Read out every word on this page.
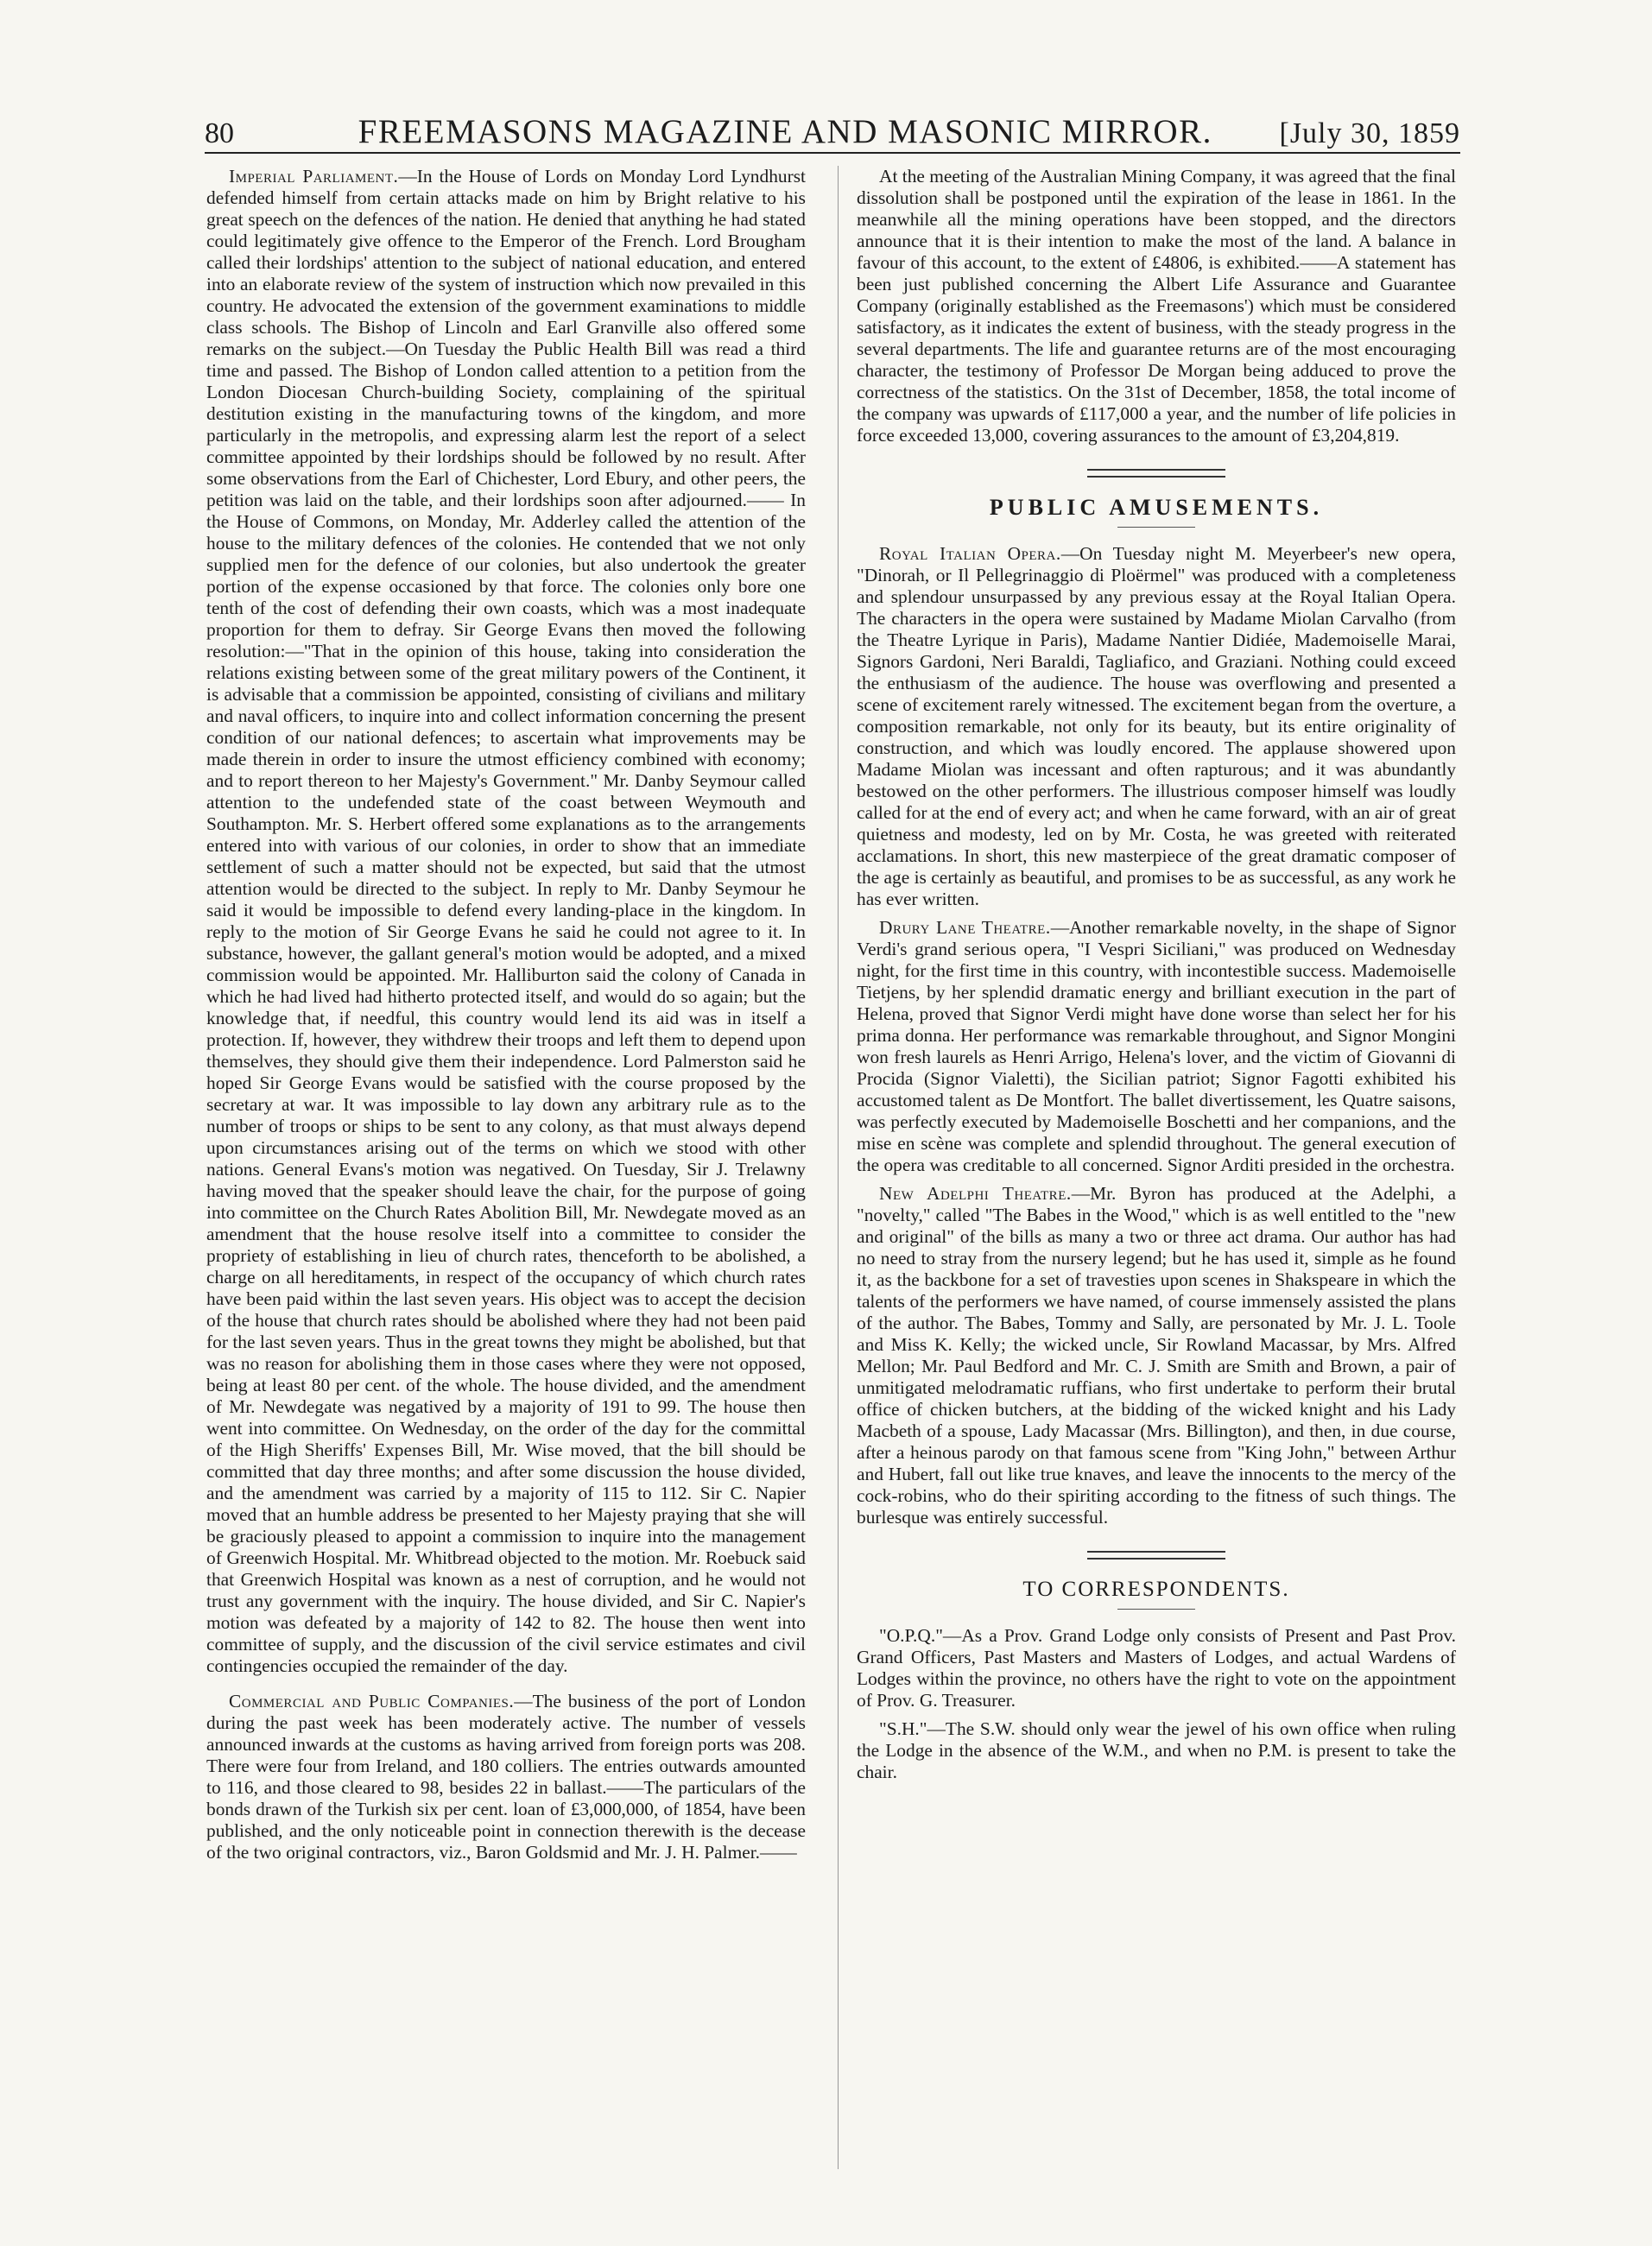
80	FREEMASONS MAGAZINE AND MASONIC MIRROR.	[July 30, 1859

Imperial Parliament.—In the House of Lords on Monday Lord Lyndhurst defended himself from certain attacks made on him by Bright relative to his great speech on the defences of the nation. He denied that anything he had stated could legitimately give offence to the Emperor of the French. Lord Brougham called their lordships' attention to the subject of national education, and entered into an elaborate review of the system of instruction which now prevailed in this country. He advocated the extension of the government examinations to middle class schools. The Bishop of Lincoln and Earl Granville also offered some remarks on the subject.—On Tuesday the Public Health Bill was read a third time and passed. The Bishop of London called attention to a petition from the London Diocesan Church-building Society, complaining of the spiritual destitution existing in the manufacturing towns of the kingdom, and more particularly in the metropolis, and expressing alarm lest the report of a select committee appointed by their lordships should be followed by no result. After some observations from the Earl of Chichester, Lord Ebury, and other peers, the petition was laid on the table, and their lordships soon after adjourned.—— In the House of Commons, on Monday, Mr. Adderley called the attention of the house to the military defences of the colonies. He contended that we not only supplied men for the defence of our colonies, but also undertook the greater portion of the expense occasioned by that force. The colonies only bore one tenth of the cost of defending their own coasts, which was a most inadequate proportion for them to defray. Sir George Evans then moved the following resolution:—"That in the opinion of this house, taking into consideration the relations existing between some of the great military powers of the Continent, it is advisable that a commission be appointed, consisting of civilians and military and naval officers, to inquire into and collect information concerning the present condition of our national defences; to ascertain what improvements may be made therein in order to insure the utmost efficiency combined with economy; and to report thereon to her Majesty's Government." Mr. Danby Seymour called attention to the undefended state of the coast between Weymouth and Southampton. Mr. S. Herbert offered some explanations as to the arrangements entered into with various of our colonies, in order to show that an immediate settlement of such a matter should not be expected, but said that the utmost attention would be directed to the subject. In reply to Mr. Danby Seymour he said it would be impossible to defend every landing-place in the kingdom. In reply to the motion of Sir George Evans he said he could not agree to it. In substance, however, the gallant general's motion would be adopted, and a mixed commission would be appointed. Mr. Halliburton said the colony of Canada in which he had lived had hitherto protected itself, and would do so again; but the knowledge that, if needful, this country would lend its aid was in itself a protection. If, however, they withdrew their troops and left them to depend upon themselves, they should give them their independence. Lord Palmerston said he hoped Sir George Evans would be satisfied with the course proposed by the secretary at war. It was impossible to lay down any arbitrary rule as to the number of troops or ships to be sent to any colony, as that must always depend upon circumstances arising out of the terms on which we stood with other nations. General Evans's motion was negatived. On Tuesday, Sir J. Trelawny having moved that the speaker should leave the chair, for the purpose of going into committee on the Church Rates Abolition Bill, Mr. Newdegate moved as an amendment that the house resolve itself into a committee to consider the propriety of establishing in lieu of church rates, thenceforth to be abolished, a charge on all hereditaments, in respect of the occupancy of which church rates have been paid within the last seven years. His object was to accept the decision of the house that church rates should be abolished where they had not been paid for the last seven years. Thus in the great towns they might be abolished, but that was no reason for abolishing them in those cases where they were not opposed, being at least 80 per cent. of the whole. The house divided, and the amendment of Mr. Newdegate was negatived by a majority of 191 to 99. The house then went into committee. On Wednesday, on the order of the day for the committal of the High Sheriffs' Expenses Bill, Mr. Wise moved, that the bill should be committed that day three months; and after some discussion the house divided, and the amendment was carried by a majority of 115 to 112. Sir C. Napier moved that an humble address be presented to her Majesty praying that she will be graciously pleased to appoint a commission to inquire into the management of Greenwich Hospital. Mr. Whitbread objected to the motion. Mr. Roebuck said that Greenwich Hospital was known as a nest of corruption, and he would not trust any government with the inquiry. The house divided, and Sir C. Napier's motion was defeated by a majority of 142 to 82. The house then went into committee of supply, and the discussion of the civil service estimates and civil contingencies occupied the remainder of the day.

Commercial and Public Companies.—The business of the port of London during the past week has been moderately active. The number of vessels announced inwards at the customs as having arrived from foreign ports was 208. There were four from Ireland, and 180 colliers. The entries outwards amounted to 116, and those cleared to 98, besides 22 in ballast.——The particulars of the bonds drawn of the Turkish six per cent. loan of £3,000,000, of 1854, have been published, and the only noticeable point in connection therewith is the decease of the two original contractors, viz., Baron Goldsmid and Mr. J. H. Palmer.——

At the meeting of the Australian Mining Company, it was agreed that the final dissolution shall be postponed until the expiration of the lease in 1861. In the meanwhile all the mining operations have been stopped, and the directors announce that it is their intention to make the most of the land. A balance in favour of this account, to the extent of £4806, is exhibited.——A statement has been just published concerning the Albert Life Assurance and Guarantee Company (originally established as the Freemasons') which must be considered satisfactory, as it indicates the extent of business, with the steady progress in the several departments. The life and guarantee returns are of the most encouraging character, the testimony of Professor De Morgan being adduced to prove the correctness of the statistics. On the 31st of December, 1858, the total income of the company was upwards of £117,000 a year, and the number of life policies in force exceeded 13,000, covering assurances to the amount of £3,204,819.

PUBLIC AMUSEMENTS.

Royal Italian Opera.—On Tuesday night M. Meyerbeer's new opera, "Dinorah, or Il Pellegrinaggio di Ploërmel" was produced with a completeness and splendour unsurpassed by any previous essay at the Royal Italian Opera. The characters in the opera were sustained by Madame Miolan Carvalho (from the Theatre Lyrique in Paris), Madame Nantier Didiée, Mademoiselle Marai, Signors Gardoni, Neri Baraldi, Tagliafico, and Graziani. Nothing could exceed the enthusiasm of the audience. The house was overflowing and presented a scene of excitement rarely witnessed. The excitement began from the overture, a composition remarkable, not only for its beauty, but its entire originality of construction, and which was loudly encored. The applause showered upon Madame Miolan was incessant and often rapturous; and it was abundantly bestowed on the other performers. The illustrious composer himself was loudly called for at the end of every act; and when he came forward, with an air of great quietness and modesty, led on by Mr. Costa, he was greeted with reiterated acclamations. In short, this new masterpiece of the great dramatic composer of the age is certainly as beautiful, and promises to be as successful, as any work he has ever written.

Drury Lane Theatre.—Another remarkable novelty, in the shape of Signor Verdi's grand serious opera, "I Vespri Siciliani," was produced on Wednesday night, for the first time in this country, with incontestible success. Mademoiselle Tietjens, by her splendid dramatic energy and brilliant execution in the part of Helena, proved that Signor Verdi might have done worse than select her for his prima donna. Her performance was remarkable throughout, and Signor Mongini won fresh laurels as Henri Arrigo, Helena's lover, and the victim of Giovanni di Procida (Signor Vialetti), the Sicilian patriot; Signor Fagotti exhibited his accustomed talent as De Montfort. The ballet divertissement, les Quatre saisons, was perfectly executed by Mademoiselle Boschetti and her companions, and the mise en scène was complete and splendid throughout. The general execution of the opera was creditable to all concerned. Signor Arditi presided in the orchestra.

New Adelphi Theatre.—Mr. Byron has produced at the Adelphi, a "novelty," called "The Babes in the Wood," which is as well entitled to the "new and original" of the bills as many a two or three act drama. Our author has had no need to stray from the nursery legend; but he has used it, simple as he found it, as the backbone for a set of travesties upon scenes in Shakspeare in which the talents of the performers we have named, of course immensely assisted the plans of the author. The Babes, Tommy and Sally, are personated by Mr. J. L. Toole and Miss K. Kelly; the wicked uncle, Sir Rowland Macassar, by Mrs. Alfred Mellon; Mr. Paul Bedford and Mr. C. J. Smith are Smith and Brown, a pair of unmitigated melodramatic ruffians, who first undertake to perform their brutal office of chicken butchers, at the bidding of the wicked knight and his Lady Macbeth of a spouse, Lady Macassar (Mrs. Billington), and then, in due course, after a heinous parody on that famous scene from "King John," between Arthur and Hubert, fall out like true knaves, and leave the innocents to the mercy of the cock-robins, who do their spiriting according to the fitness of such things. The burlesque was entirely successful.

TO CORRESPONDENTS.

"O.P.Q."—As a Prov. Grand Lodge only consists of Present and Past Prov. Grand Officers, Past Masters and Masters of Lodges, and actual Wardens of Lodges within the province, no others have the right to vote on the appointment of Prov. G. Treasurer.

"S.H."—The S.W. should only wear the jewel of his own office when ruling the Lodge in the absence of the W.M., and when no P.M. is present to take the chair.
